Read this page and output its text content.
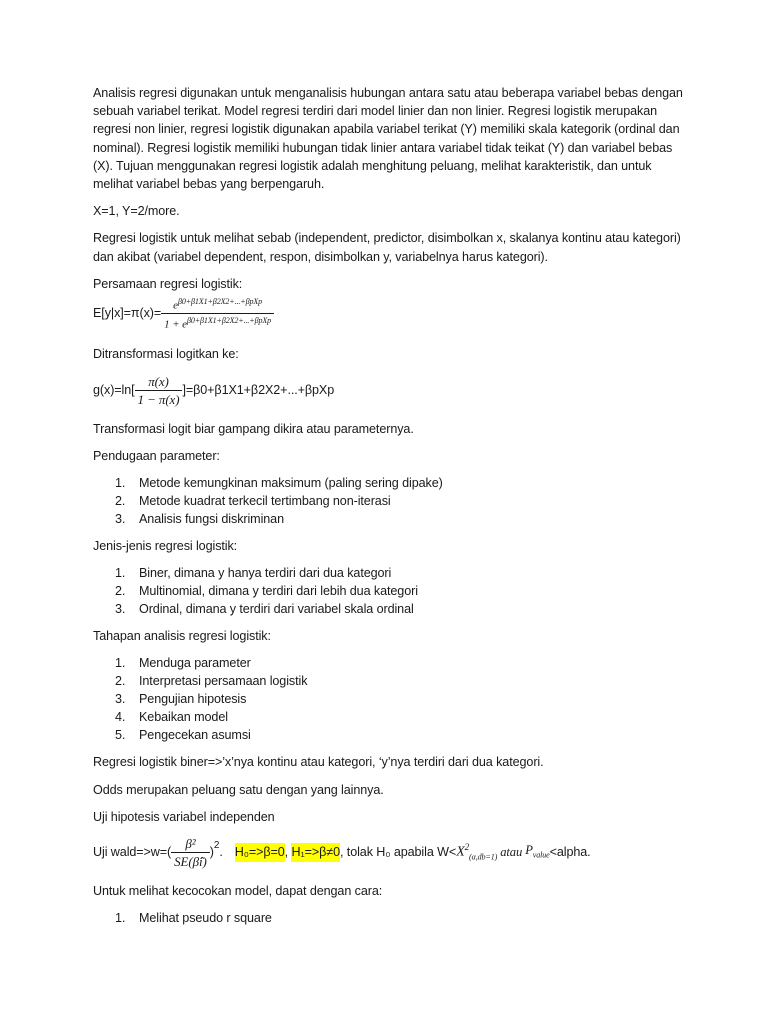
Analisis regresi digunakan untuk menganalisis hubungan antara satu atau beberapa variabel bebas dengan sebuah variabel terikat. Model regresi terdiri dari model linier dan non linier. Regresi logistik merupakan regresi non linier, regresi logistik digunakan apabila variabel terikat (Y) memiliki skala kategorik (ordinal dan nominal). Regresi logistik memiliki hubungan tidak linier antara variabel tidak teikat (Y) dan variabel bebas (X). Tujuan menggunakan regresi logistik adalah menghitung peluang, melihat karakteristik, dan untuk melihat variabel bebas yang berpengaruh.

X=1, Y=2/more.

Regresi logistik untuk melihat sebab (independent, predictor, disimbolkan x, skalanya kontinu atau kategori) dan akibat (variabel dependent, respon, disimbolkan y, variabelnya harus kategori).

Persamaan regresi logistik:

$E[y|x]=\pi(x)= \frac{e^{\beta 0+\beta 1X1+\beta 2X2+...+\beta pXp}}{1 + e^{\beta 0+\beta 1X1+\beta 2X2+...+\beta pXp}}$

Ditransformasi logitkan ke:

$g(x)=\ln[ \frac{\pi(x)}{1 - \pi(x)} ]=\beta 0+\beta 1X1+\beta 2X2+...+\beta pXp$

Transformasi logit biar gampang dikira atau parameternya.

Pendugaan parameter:

1. Metode kemungkinan maksimum (paling sering dipake)
2. Metode kuadrat terkecil tertimbang non-iterasi
3. Analisis fungsi diskriminan

Jenis-jenis regresi logistik:

1. Biner, dimana y hanya terdiri dari dua kategori
2. Multinomial, dimana y terdiri dari lebih dua kategori
3. Ordinal, dimana y terdiri dari variabel skala ordinal

Tahapan analisis regresi logistik:

1. Menduga parameter
2. Interpretasi persamaan logistik
3. Pengujian hipotesis
4. Kebaikan model
5. Pengecekan asumsi

Regresi logistik biner=>’x’nya kontinu atau kategori, ‘y’nya terdiri dari dua kategori.

Odds merupakan peluang satu dengan yang lainnya.

Uji hipotesis variabel independen

Uji wald=>w=( $\frac{\text{β²}}{SE(\betâi)} )^2$ . H₀=>β=0 , H₁=>β≠0 , tolak H₀ apabila $W< X^2_{(\alpha,db=1)}$ atau $P_{value}$ <alpha.

Untuk melihat kecocokan model, dapat dengan cara:

1. Melihat pseudo r square
